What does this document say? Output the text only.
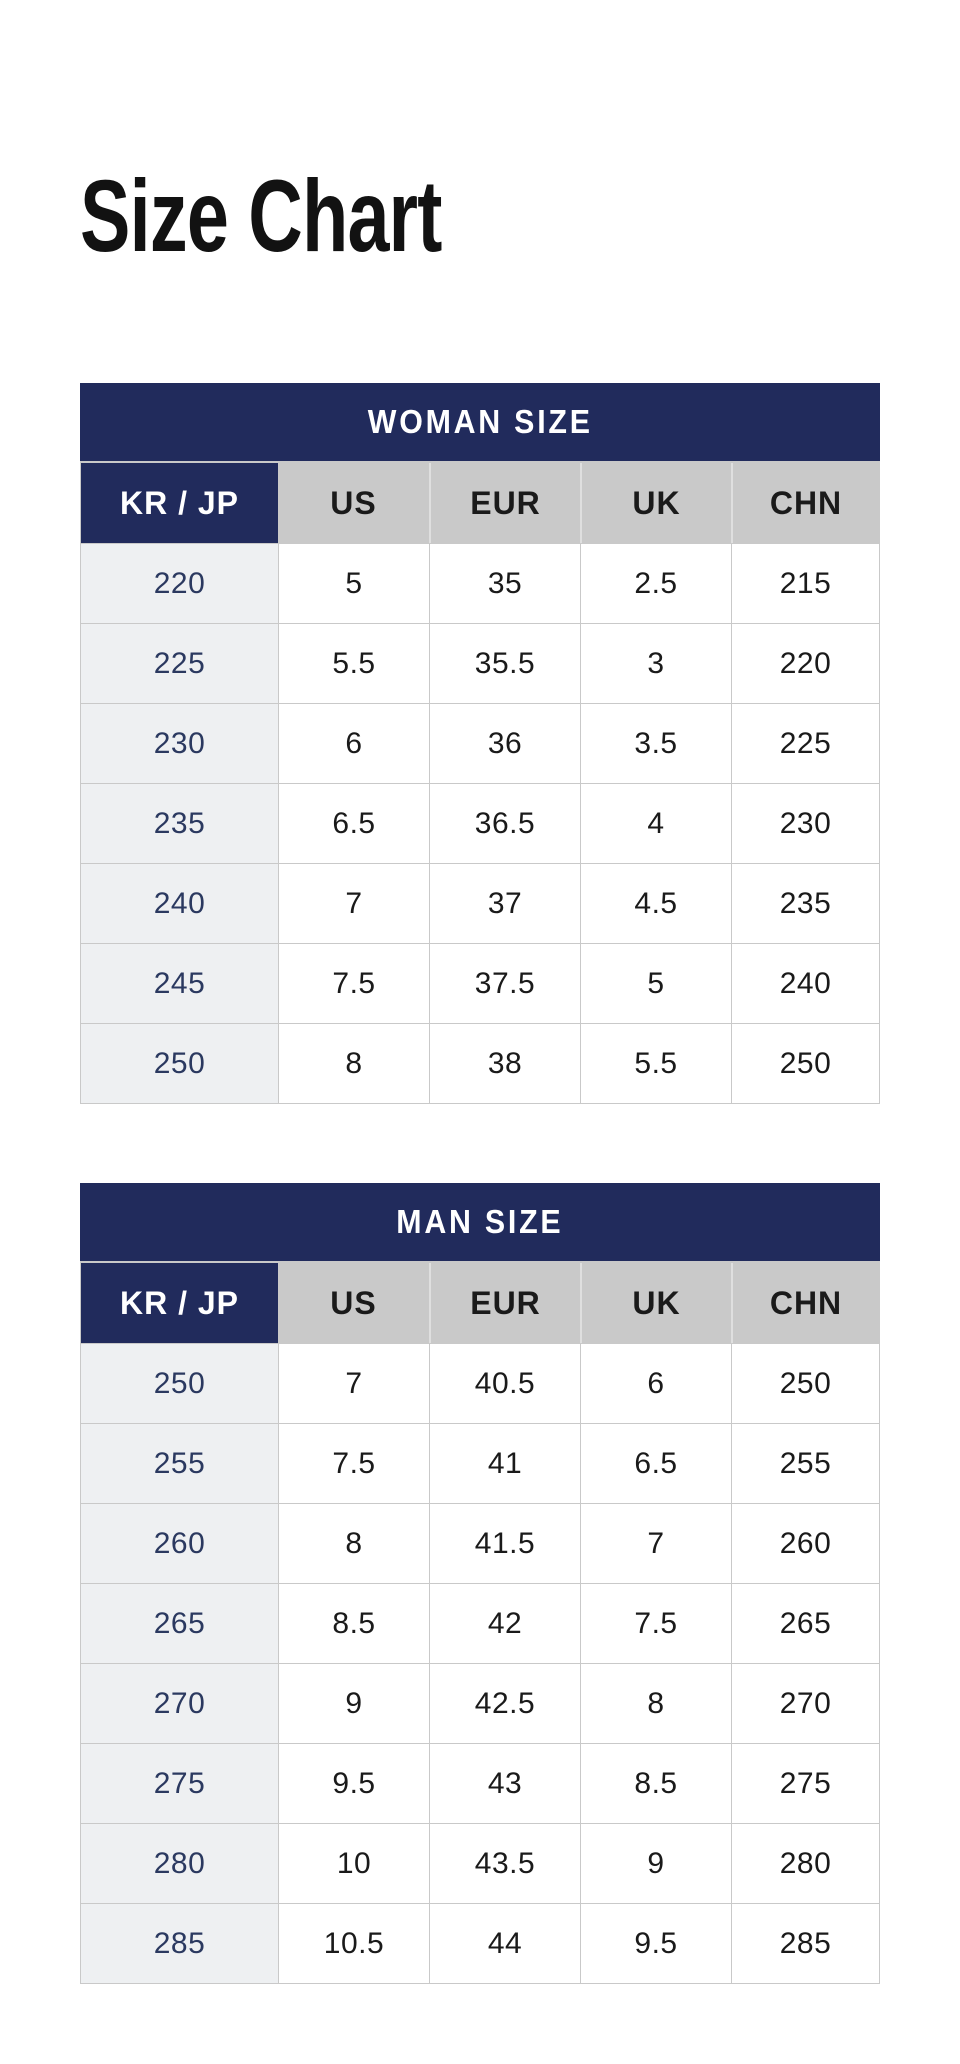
Size Chart
WOMAN SIZE
KR / JP	US	EUR	UK	CHN
220	5	35	2.5	215
225	5.5	35.5	3	220
230	6	36	3.5	225
235	6.5	36.5	4	230
240	7	37	4.5	235
245	7.5	37.5	5	240
250	8	38	5.5	250
MAN SIZE
KR / JP	US	EUR	UK	CHN
250	7	40.5	6	250
255	7.5	41	6.5	255
260	8	41.5	7	260
265	8.5	42	7.5	265
270	9	42.5	8	270
275	9.5	43	8.5	275
280	10	43.5	9	280
285	10.5	44	9.5	285
